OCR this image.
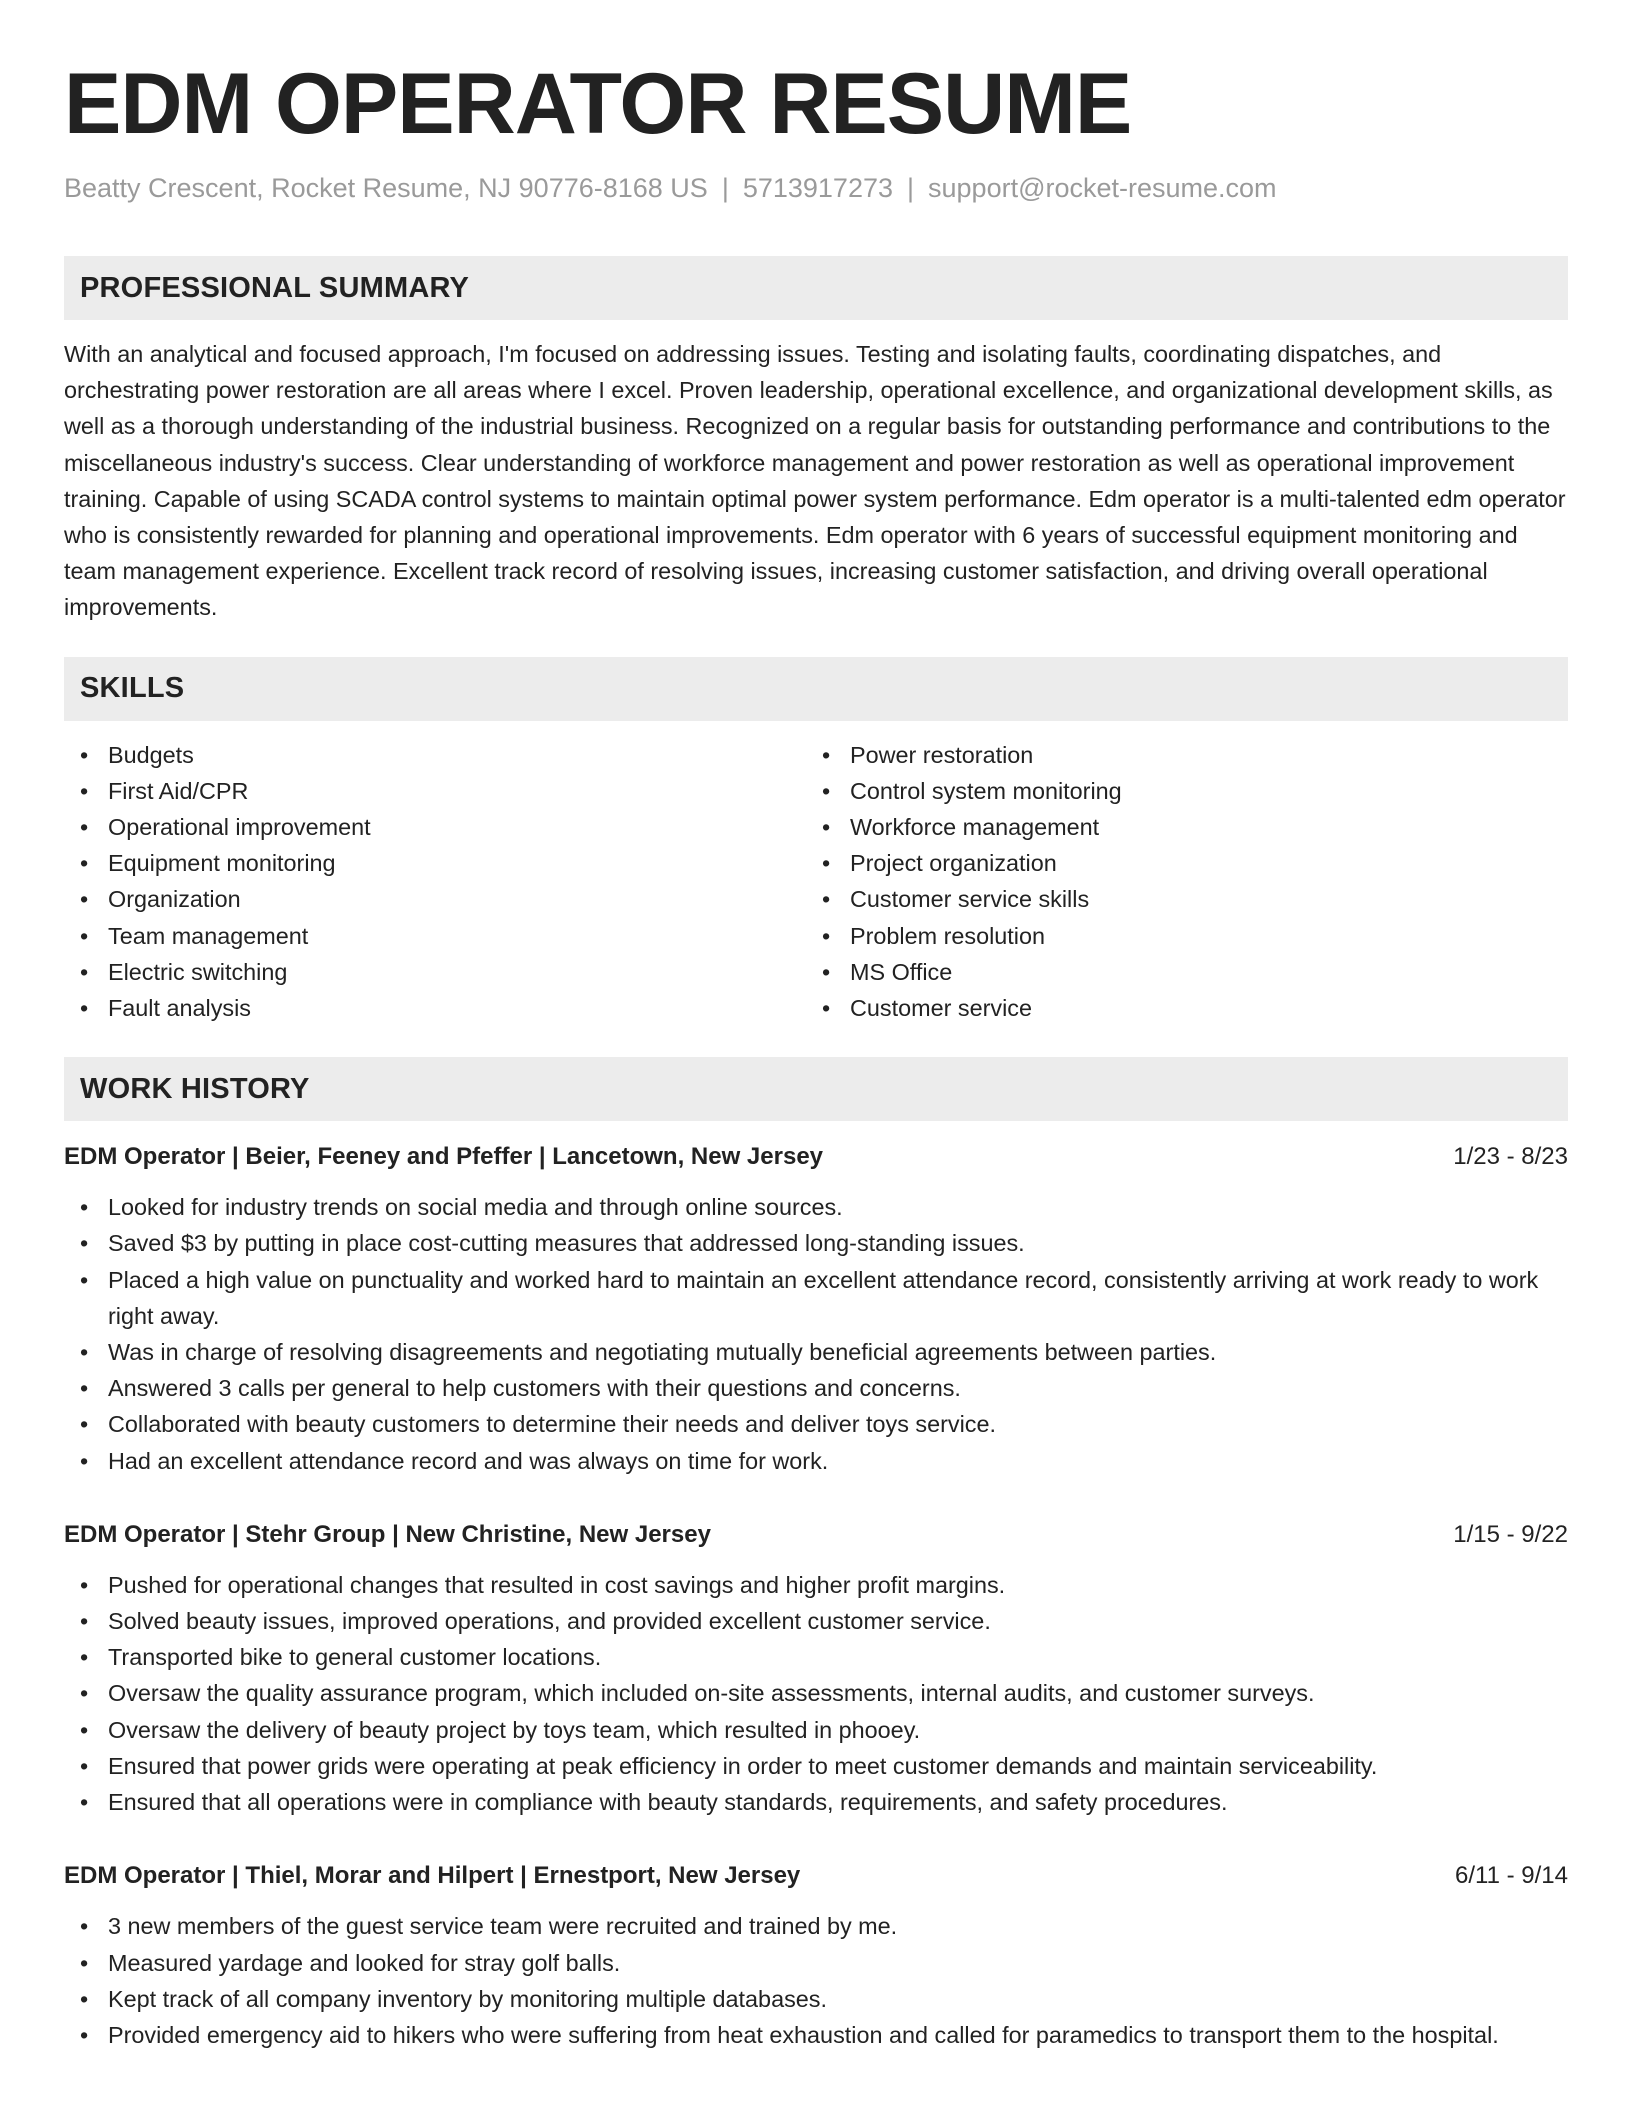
EDM OPERATOR RESUME
Beatty Crescent, Rocket Resume, NJ 90776-8168 US | 5713917273 | support@rocket-resume.com
PROFESSIONAL SUMMARY

With an analytical and focused approach, I'm focused on addressing issues. Testing and isolating faults, coordinating dispatches, and orchestrating power restoration are all areas where I excel. Proven leadership, operational excellence, and organizational development skills, as well as a thorough understanding of the industrial business. Recognized on a regular basis for outstanding performance and contributions to the miscellaneous industry's success. Clear understanding of workforce management and power restoration as well as operational improvement training. Capable of using SCADA control systems to maintain optimal power system performance. Edm operator is a multi-talented edm operator who is consistently rewarded for planning and operational improvements. Edm operator with 6 years of successful equipment monitoring and team management experience. Excellent track record of resolving issues, increasing customer satisfaction, and driving overall operational improvements.

SKILLS
• Budgets
• First Aid/CPR
• Operational improvement
• Equipment monitoring
• Organization
• Team management
• Electric switching
• Fault analysis
• Power restoration
• Control system monitoring
• Workforce management
• Project organization
• Customer service skills
• Problem resolution
• MS Office
• Customer service
WORK HISTORY
EDM Operator | Beier, Feeney and Pfeffer | Lancetown, New Jersey	1/23 - 8/23
• Looked for industry trends on social media and through online sources.
• Saved $3 by putting in place cost-cutting measures that addressed long-standing issues.
• Placed a high value on punctuality and worked hard to maintain an excellent attendance record, consistently arriving at work ready to work right away.
• Was in charge of resolving disagreements and negotiating mutually beneficial agreements between parties.
• Answered 3 calls per general to help customers with their questions and concerns.
• Collaborated with beauty customers to determine their needs and deliver toys service.
• Had an excellent attendance record and was always on time for work.
EDM Operator | Stehr Group | New Christine, New Jersey	1/15 - 9/22
• Pushed for operational changes that resulted in cost savings and higher profit margins.
• Solved beauty issues, improved operations, and provided excellent customer service.
• Transported bike to general customer locations.
• Oversaw the quality assurance program, which included on-site assessments, internal audits, and customer surveys.
• Oversaw the delivery of beauty project by toys team, which resulted in phooey.
• Ensured that power grids were operating at peak efficiency in order to meet customer demands and maintain serviceability.
• Ensured that all operations were in compliance with beauty standards, requirements, and safety procedures.
EDM Operator | Thiel, Morar and Hilpert | Ernestport, New Jersey	6/11 - 9/14
• 3 new members of the guest service team were recruited and trained by me.
• Measured yardage and looked for stray golf balls.
• Kept track of all company inventory by monitoring multiple databases.
• Provided emergency aid to hikers who were suffering from heat exhaustion and called for paramedics to transport them to the hospital.
